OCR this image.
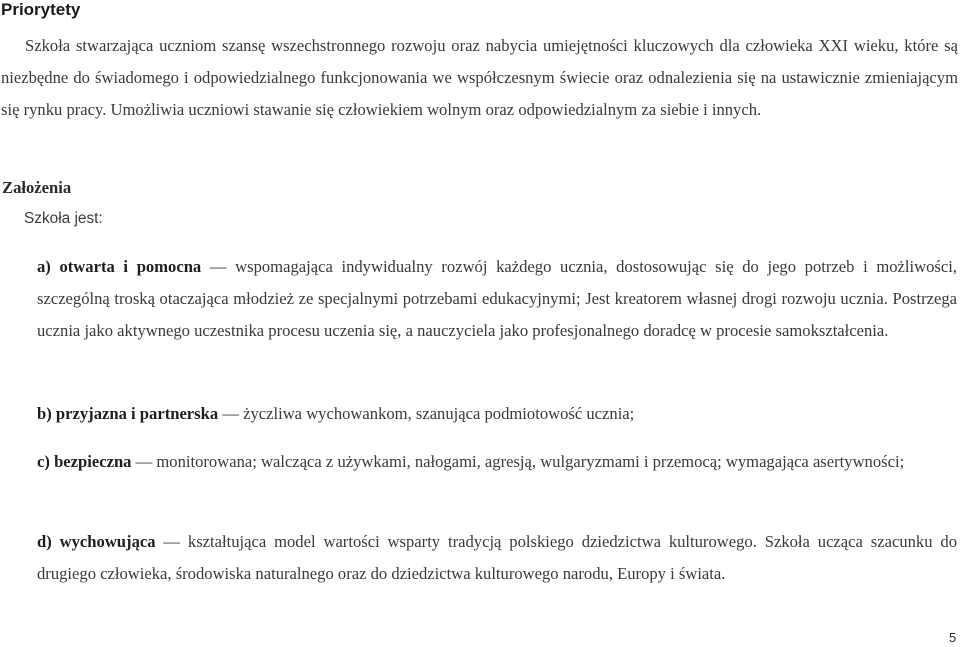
Priorytety
Szkoła stwarzająca uczniom szansę wszechstronnego rozwoju oraz nabycia umiejętności kluczowych dla człowieka XXI wieku, które są niezbędne do świadomego i odpowiedzialnego funkcjonowania we współczesnym świecie oraz odnalezienia się na ustawicznie zmieniającym się rynku pracy. Umożliwia uczniowi stawanie się człowiekiem wolnym oraz odpowiedzialnym za siebie i innych.
Założenia
Szkoła jest:
a) otwarta i pomocna — wspomagająca indywidualny rozwój każdego ucznia, dostosowując się do jego potrzeb i możliwości, szczególną troską otaczająca młodzież ze specjalnymi potrzebami edukacyjnymi; Jest kreatorem własnej drogi rozwoju ucznia. Postrzega ucznia jako aktywnego uczestnika procesu uczenia się, a nauczyciela jako profesjonalnego doradcę w procesie samokształcenia.
b) przyjazna i partnerska — życzliwa wychowankom, szanująca podmiotowość ucznia;
c) bezpieczna — monitorowana; walcząca z używkami, nałogami, agresją, wulgaryzmami i przemocą; wymagająca asertywności;
d) wychowująca — kształtująca model wartości wsparty tradycją polskiego dziedzictwa kulturowego. Szkoła ucząca szacunku do drugiego człowieka, środowiska naturalnego oraz do dziedzictwa kulturowego narodu, Europy i świata.
5
